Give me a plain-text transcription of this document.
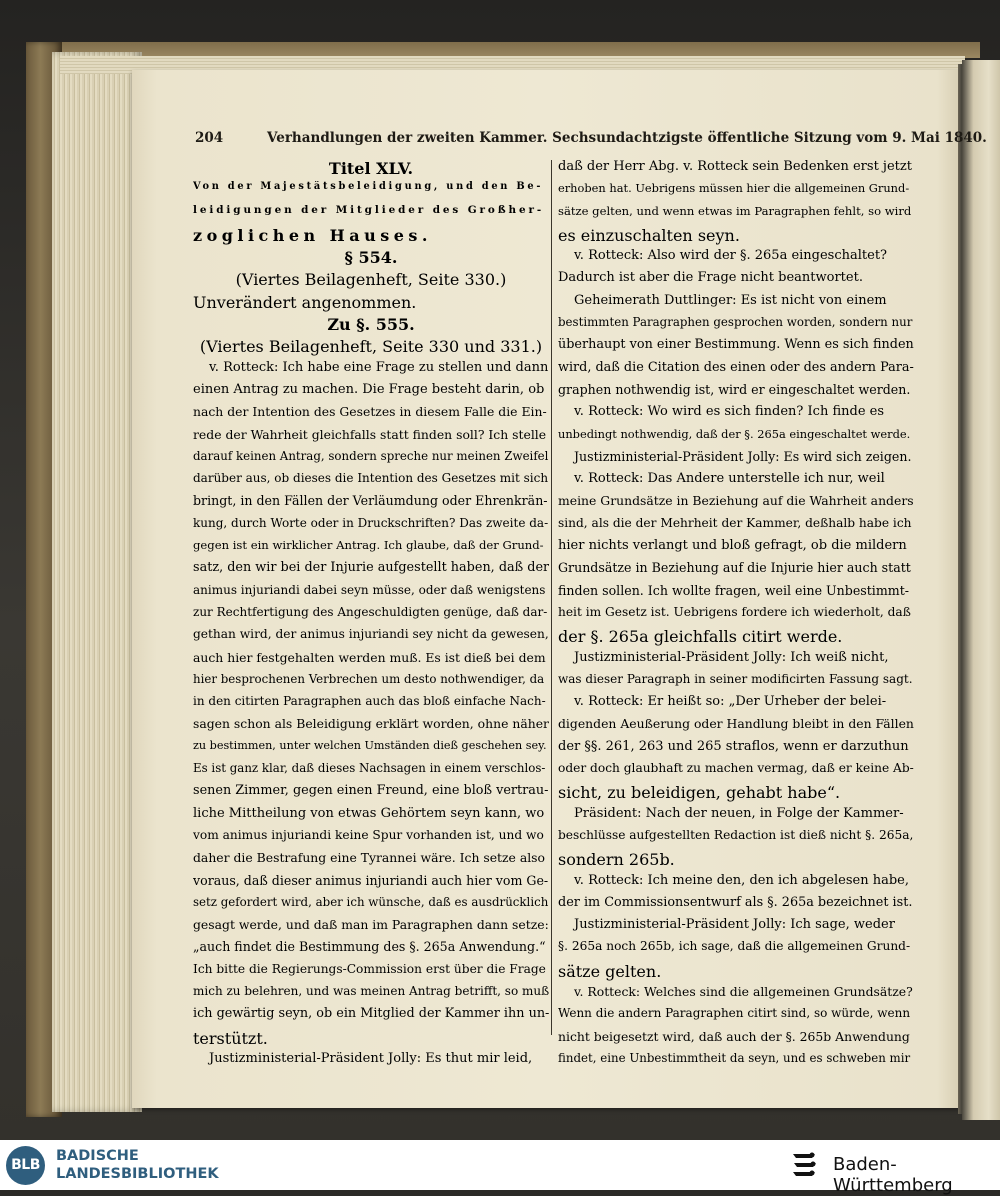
204	Verhandlungen der zweiten Kammer. Sechsundachtzigste öffentliche Sitzung vom 9. Mai 1840.
Titel XLV.
Von der Majestätsbeleidigung, und den Be-
leidigungen der Mitglieder des Großher-
zoglichen Hauses.
§ 554.
(Viertes Beilagenheft, Seite 330.)
Unverändert angenommen.
Zu §. 555.
(Viertes Beilagenheft, Seite 330 und 331.)
v. Rotteck: Ich habe eine Frage zu stellen und dann
einen Antrag zu machen. Die Frage besteht darin, ob
nach der Intention des Gesetzes in diesem Falle die Ein-
rede der Wahrheit gleichfalls statt finden soll? Ich stelle
darauf keinen Antrag, sondern spreche nur meinen Zweifel
darüber aus, ob dieses die Intention des Gesetzes mit sich
bringt, in den Fällen der Verläumdung oder Ehrenkrän-
kung, durch Worte oder in Druckschriften? Das zweite da-
gegen ist ein wirklicher Antrag. Ich glaube, daß der Grund-
satz, den wir bei der Injurie aufgestellt haben, daß der
animus injuriandi dabei seyn müsse, oder daß wenigstens
zur Rechtfertigung des Angeschuldigten genüge, daß dar-
gethan wird, der animus injuriandi sey nicht da gewesen,
auch hier festgehalten werden muß. Es ist dieß bei dem
hier besprochenen Verbrechen um desto nothwendiger, da
in den citirten Paragraphen auch das bloß einfache Nach-
sagen schon als Beleidigung erklärt worden, ohne näher
zu bestimmen, unter welchen Umständen dieß geschehen sey.
Es ist ganz klar, daß dieses Nachsagen in einem verschlos-
senen Zimmer, gegen einen Freund, eine bloß vertrau-
liche Mittheilung von etwas Gehörtem seyn kann, wo
vom animus injuriandi keine Spur vorhanden ist, und wo
daher die Bestrafung eine Tyrannei wäre. Ich setze also
voraus, daß dieser animus injuriandi auch hier vom Ge-
setz gefordert wird, aber ich wünsche, daß es ausdrücklich
gesagt werde, und daß man im Paragraphen dann setze:
„auch findet die Bestimmung des §. 265a Anwendung.“
Ich bitte die Regierungs-Commission erst über die Frage
mich zu belehren, und was meinen Antrag betrifft, so muß
ich gewärtig seyn, ob ein Mitglied der Kammer ihn un-
terstützt.
Justizministerial-Präsident Jolly: Es thut mir leid,
daß der Herr Abg. v. Rotteck sein Bedenken erst jetzt
erhoben hat. Uebrigens müssen hier die allgemeinen Grund-
sätze gelten, und wenn etwas im Paragraphen fehlt, so wird
es einzuschalten seyn.
v. Rotteck: Also wird der §. 265a eingeschaltet?
Dadurch ist aber die Frage nicht beantwortet.
Geheimerath Duttlinger: Es ist nicht von einem
bestimmten Paragraphen gesprochen worden, sondern nur
überhaupt von einer Bestimmung. Wenn es sich finden
wird, daß die Citation des einen oder des andern Para-
graphen nothwendig ist, wird er eingeschaltet werden.
v. Rotteck: Wo wird es sich finden? Ich finde es
unbedingt nothwendig, daß der §. 265a eingeschaltet werde.
Justizministerial-Präsident Jolly: Es wird sich zeigen.
v. Rotteck: Das Andere unterstelle ich nur, weil
meine Grundsätze in Beziehung auf die Wahrheit anders
sind, als die der Mehrheit der Kammer, deßhalb habe ich
hier nichts verlangt und bloß gefragt, ob die mildern
Grundsätze in Beziehung auf die Injurie hier auch statt
finden sollen. Ich wollte fragen, weil eine Unbestimmt-
heit im Gesetz ist. Uebrigens fordere ich wiederholt, daß
der §. 265a gleichfalls citirt werde.
Justizministerial-Präsident Jolly: Ich weiß nicht,
was dieser Paragraph in seiner modificirten Fassung sagt.
v. Rotteck: Er heißt so: „Der Urheber der belei-
digenden Aeußerung oder Handlung bleibt in den Fällen
der §§. 261, 263 und 265 straflos, wenn er darzuthun
oder doch glaubhaft zu machen vermag, daß er keine Ab-
sicht, zu beleidigen, gehabt habe“.
Präsident: Nach der neuen, in Folge der Kammer-
beschlüsse aufgestellten Redaction ist dieß nicht §. 265a,
sondern 265b.
v. Rotteck: Ich meine den, den ich abgelesen habe,
der im Commissionsentwurf als §. 265a bezeichnet ist.
Justizministerial-Präsident Jolly: Ich sage, weder
§. 265a noch 265b, ich sage, daß die allgemeinen Grund-
sätze gelten.
v. Rotteck: Welches sind die allgemeinen Grundsätze?
Wenn die andern Paragraphen citirt sind, so würde, wenn
nicht beigesetzt wird, daß auch der §. 265b Anwendung
findet, eine Unbestimmtheit da seyn, und es schweben mir
BLB
BADISCHE
LANDESBIBLIOTHEK	Baden-Württemberg
